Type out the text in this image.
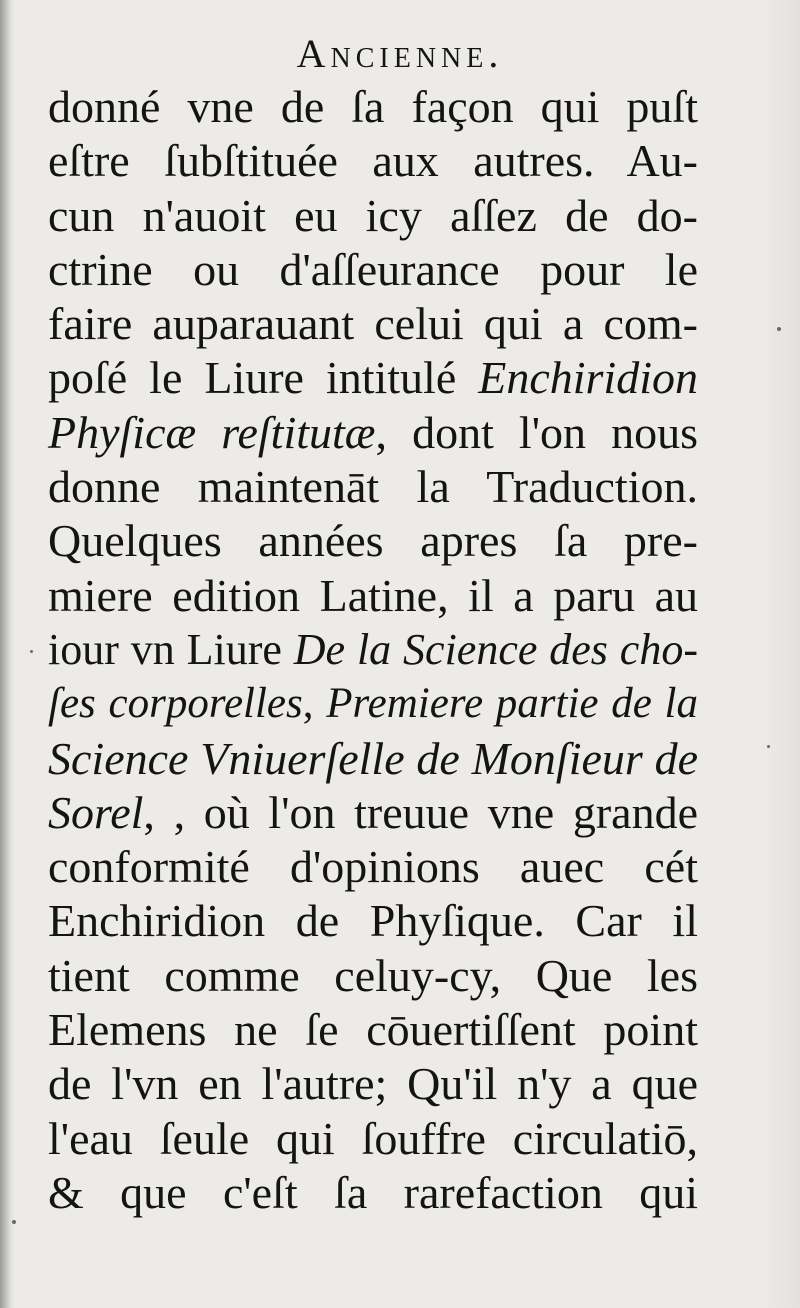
Ancienne.
donné vne de ſa façon qui puſt
eſtre ſubſtituée aux autres. Au-
cun n'auoit eu icy aſſez de do-
ctrine ou d'aſſeurance pour le
faire auparauant celui qui a com-
poſé le Liure intitulé Enchiridion
Phyſicæ reſtitutæ, dont l'on nous
donne maintenāt la Traduction.
Quelques années apres ſa pre-
miere edition Latine, il a paru au
iour vn Liure De la Science des cho-
ſes corporelles, Premiere partie de la
Science Vniuerſelle de Monſieur de
Sorel, , où l'on treuue vne grande
conformité d'opinions auec cét
Enchiridion de Phyſique. Car il
tient comme celuy-cy, Que les
Elemens ne ſe cōuertiſſent point
de l'vn en l'autre; Qu'il n'y a que
l'eau ſeule qui ſouffre circulatiō,
& que c'eſt ſa rarefaction qui
